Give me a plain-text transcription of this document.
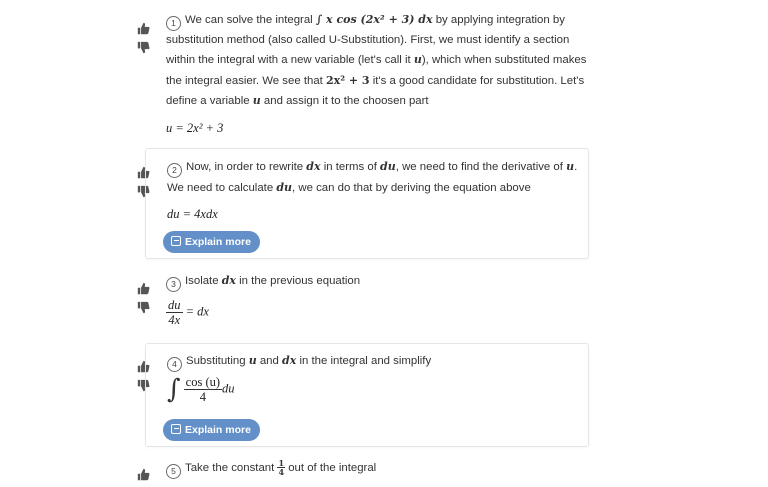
1 We can solve the integral ∫ x cos (2x² + 3) dx by applying integration by
substitution method (also called U-Substitution). First, we must identify a section
within the integral with a new variable (let's call it u), which when substituted makes
the integral easier. We see that 2x² + 3 it's a good candidate for substitution. Let's
define a variable u and assign it to the choosen part
u = 2x² + 3
2 Now, in order to rewrite dx in terms of du, we need to find the derivative of u.
We need to calculate du, we can do that by deriving the equation above
du = 4xdx
Explain more
3 Isolate dx in the previous equation
$\frac{du}{4x}$ = dx
4 Substituting u and dx in the integral and simplify
∫ $\frac{\cos (u)}{4}$ du
Explain more
5 Take the constant $\frac{1}{4}$ out of the integral
